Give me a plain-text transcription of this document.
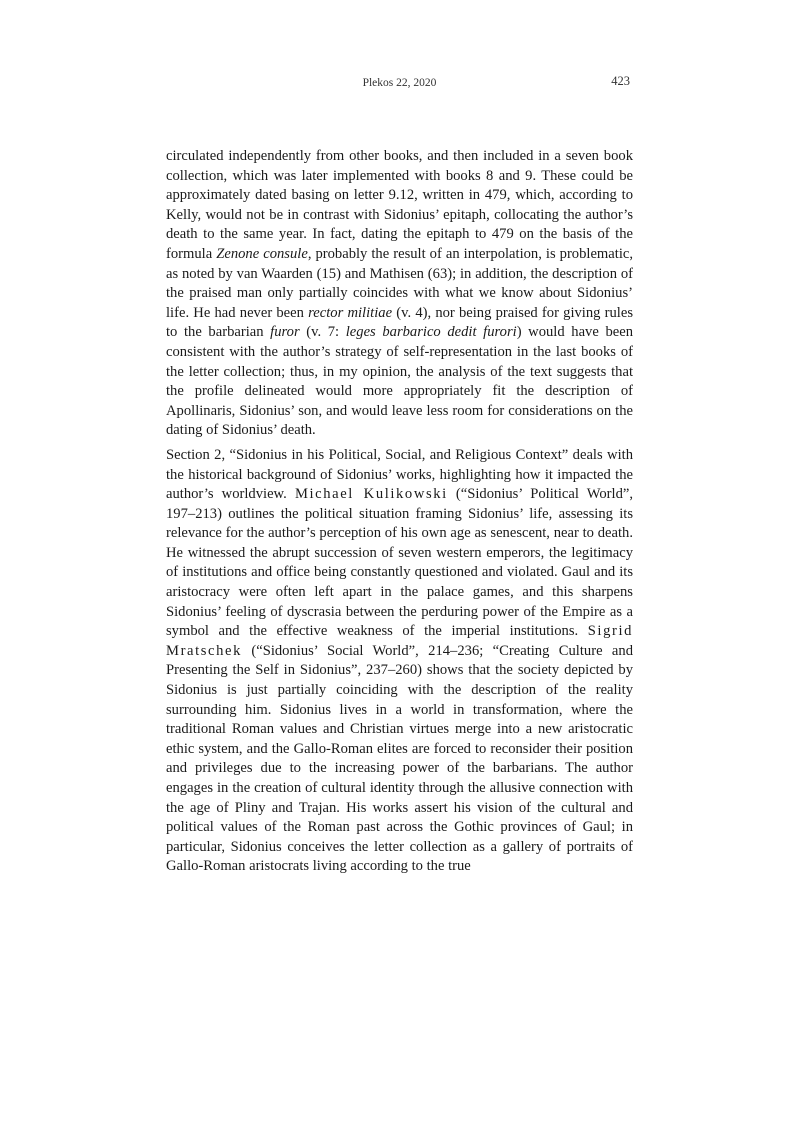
Plekos 22, 2020	423

circulated independently from other books, and then included in a seven book collection, which was later implemented with books 8 and 9. These could be approximately dated basing on letter 9.12, written in 479, which, according to Kelly, would not be in contrast with Sidonius’ epitaph, collocating the author’s death to the same year. In fact, dating the epitaph to 479 on the basis of the formula Zenone consule, probably the result of an interpolation, is problematic, as noted by van Waarden (15) and Mathisen (63); in addition, the description of the praised man only partially coincides with what we know about Sidonius’ life. He had never been rector militiae (v. 4), nor being praised for giving rules to the barbarian furor (v. 7: leges barbarico dedit furori) would have been consistent with the author’s strategy of self-representation in the last books of the letter collection; thus, in my opinion, the analysis of the text suggests that the profile delineated would more appropriately fit the description of Apollinaris, Sidonius’ son, and would leave less room for considerations on the dating of Sidonius’ death.

Section 2, “Sidonius in his Political, Social, and Religious Context” deals with the historical background of Sidonius’ works, highlighting how it impacted the author’s worldview. Michael Kulikowski (“Sidonius’ Political World”, 197–213) outlines the political situation framing Sidonius’ life, assessing its relevance for the author’s perception of his own age as senescent, near to death. He witnessed the abrupt succession of seven western emperors, the legitimacy of institutions and office being constantly questioned and violated. Gaul and its aristocracy were often left apart in the palace games, and this sharpens Sidonius’ feeling of dyscrasia between the perduring power of the Empire as a symbol and the effective weakness of the imperial institutions. Sigrid Mratschek (“Sidonius’ Social World”, 214–236; “Creating Culture and Presenting the Self in Sidonius”, 237–260) shows that the society depicted by Sidonius is just partially coinciding with the description of the reality surrounding him. Sidonius lives in a world in transformation, where the traditional Roman values and Christian virtues merge into a new aristocratic ethic system, and the Gallo-Roman elites are forced to reconsider their position and privileges due to the increasing power of the barbarians. The author engages in the creation of cultural identity through the allusive connection with the age of Pliny and Trajan. His works assert his vision of the cultural and political values of the Roman past across the Gothic provinces of Gaul; in particular, Sidonius conceives the letter collection as a gallery of portraits of Gallo-Roman aristocrats living according to the true
